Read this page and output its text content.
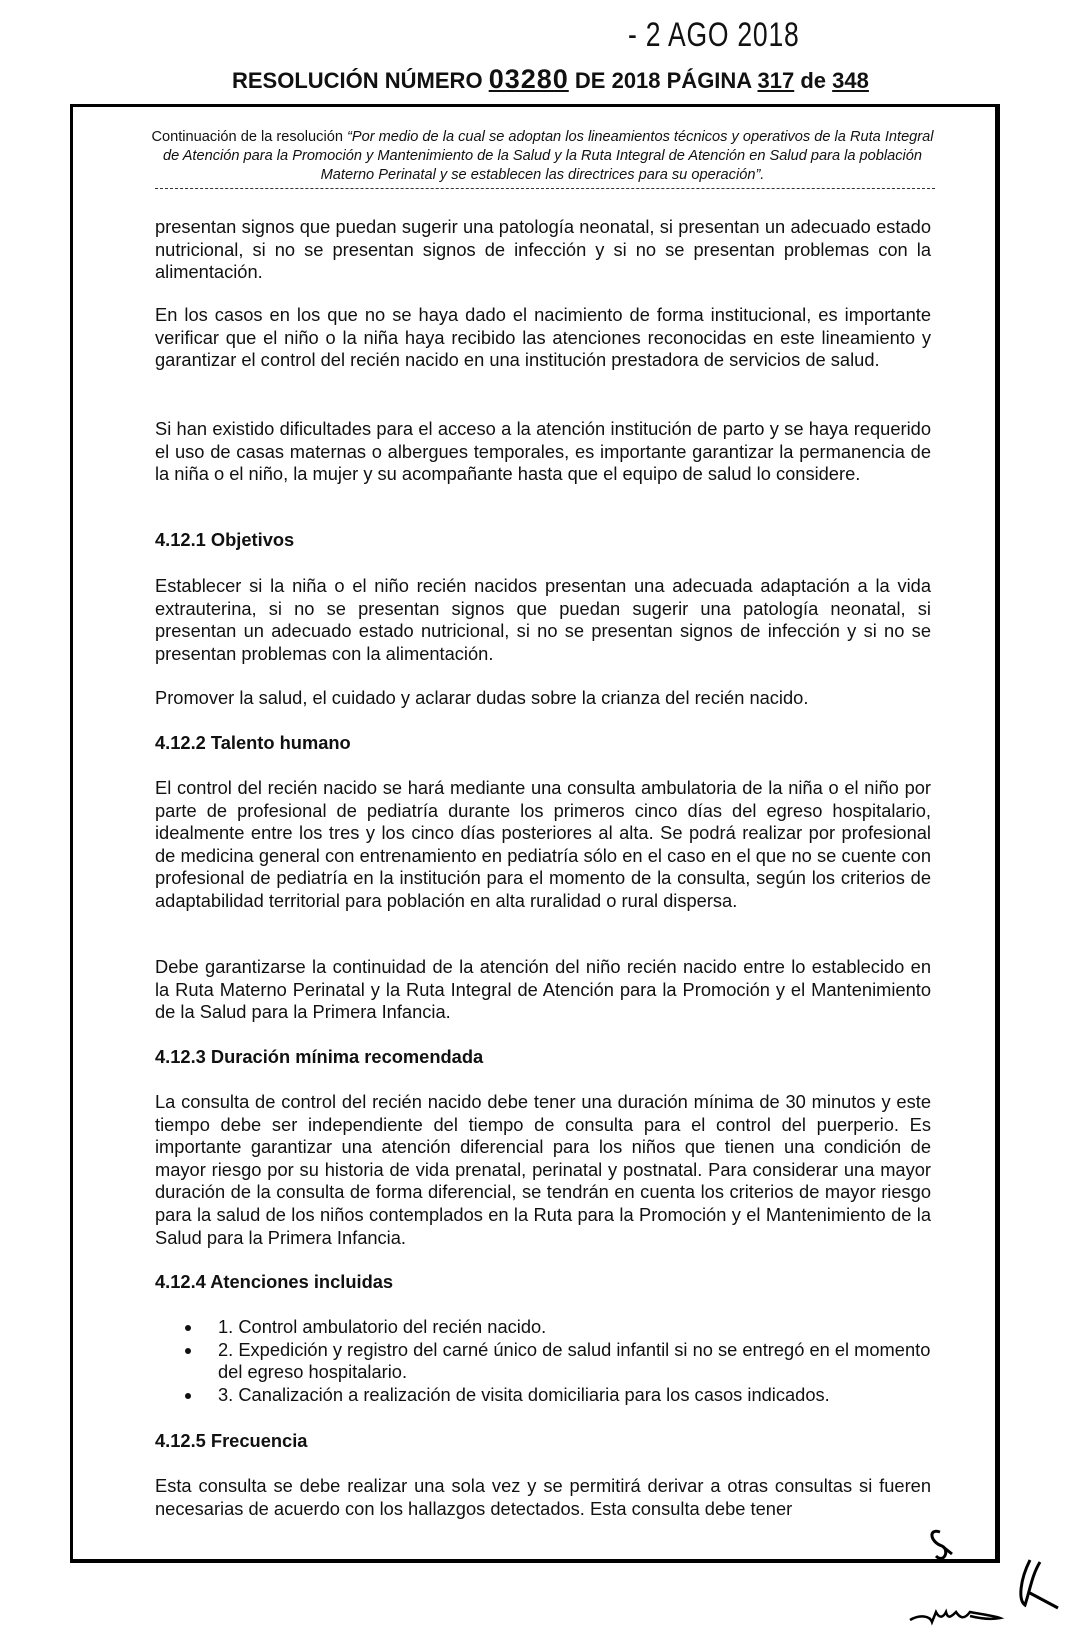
- 2 AGO 2018
RESOLUCIÓN NÚMERO 03280 DE 2018 PÁGINA 317 de 348
Continuación de la resolución “Por medio de la cual se adoptan los lineamientos técnicos y operativos de la Ruta Integral de Atención para la Promoción y Mantenimiento de la Salud y la Ruta Integral de Atención en Salud para la población Materno Perinatal y se establecen las directrices para su operación”.
presentan signos que puedan sugerir una patología neonatal, si presentan un adecuado estado nutricional, si no se presentan signos de infección y si no se presentan problemas con la alimentación.
En los casos en los que no se haya dado el nacimiento de forma institucional, es importante verificar que el niño o la niña haya recibido las atenciones reconocidas en este lineamiento y garantizar el control del recién nacido en una institución prestadora de servicios de salud.
Si han existido dificultades para el acceso a la atención institución de parto y se haya requerido el uso de casas maternas o albergues temporales, es importante garantizar la permanencia de la niña o el niño, la mujer y su acompañante hasta que el equipo de salud lo considere.
4.12.1 Objetivos
Establecer si la niña o el niño recién nacidos presentan una adecuada adaptación a la vida extrauterina, si no se presentan signos que puedan sugerir una patología neonatal, si presentan un adecuado estado nutricional, si no se presentan signos de infección y si no se presentan problemas con la alimentación.
Promover la salud, el cuidado y aclarar dudas sobre la crianza del recién nacido.
4.12.2 Talento humano
El control del recién nacido se hará mediante una consulta ambulatoria de la niña o el niño por parte de profesional de pediatría durante los primeros cinco días del egreso hospitalario, idealmente entre los tres y los cinco días posteriores al alta. Se podrá realizar por profesional de medicina general con entrenamiento en pediatría sólo en el caso en el que no se cuente con profesional de pediatría en la institución para el momento de la consulta, según los criterios de adaptabilidad territorial para población en alta ruralidad o rural dispersa.
Debe garantizarse la continuidad de la atención del niño recién nacido entre lo establecido en la Ruta Materno Perinatal y la Ruta Integral de Atención para la Promoción y el Mantenimiento de la Salud para la Primera Infancia.
4.12.3 Duración mínima recomendada
La consulta de control del recién nacido debe tener una duración mínima de 30 minutos y este tiempo debe ser independiente del tiempo de consulta para el control del puerperio. Es importante garantizar una atención diferencial para los niños que tienen una condición de mayor riesgo por su historia de vida prenatal, perinatal y postnatal. Para considerar una mayor duración de la consulta de forma diferencial, se tendrán en cuenta los criterios de mayor riesgo para la salud de los niños contemplados en la Ruta para la Promoción y el Mantenimiento de la Salud para la Primera Infancia.
4.12.4 Atenciones incluidas
1. Control ambulatorio del recién nacido.
2. Expedición y registro del carné único de salud infantil si no se entregó en el momento del egreso hospitalario.
3. Canalización a realización de visita domiciliaria para los casos indicados.
4.12.5 Frecuencia
Esta consulta se debe realizar una sola vez y se permitirá derivar a otras consultas si fueren necesarias de acuerdo con los hallazgos detectados. Esta consulta debe tener
